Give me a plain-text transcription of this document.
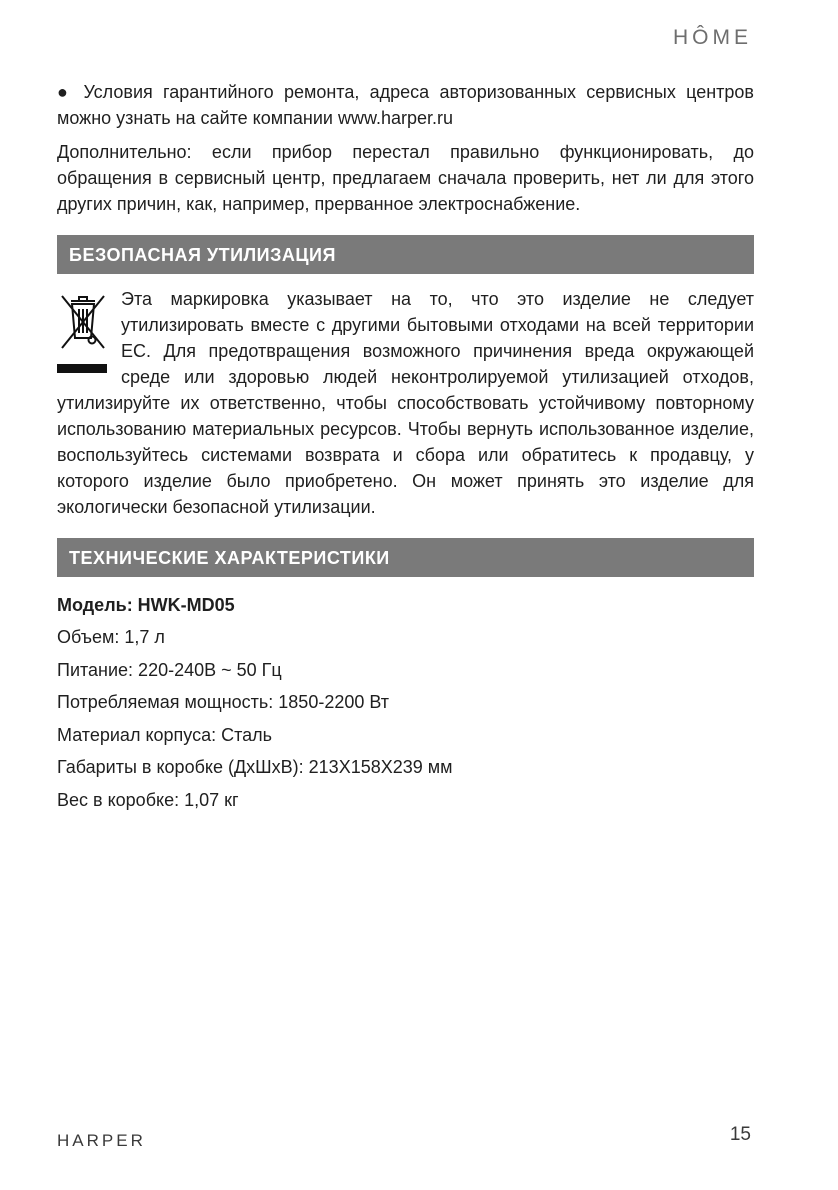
HÔME

● Условия гарантийного ремонта, адреса авторизованных сервисных центров можно узнать на сайте компании www.harper.ru

Дополнительно: если прибор перестал правильно функционировать, до обращения в сервисный центр, предлагаем сначала проверить, нет ли для этого других причин, как, например, прерванное электроснабжение.

БЕЗОПАСНАЯ УТИЛИЗАЦИЯ

Эта маркировка указывает на то, что это изделие не следует утилизировать вместе с другими бытовыми отходами на всей территории ЕС. Для предотвращения возможного причинения вреда окружающей среде или здоровью людей неконтролируемой утилизацией отходов, утилизируйте их ответственно, чтобы способствовать устойчивому повторному использованию материальных ресурсов. Чтобы вернуть использованное изделие, воспользуйтесь системами возврата и сбора или обратитесь к продавцу, у которого изделие было приобретено. Он может принять это изделие для экологически безопасной утилизации.

ТЕХНИЧЕСКИЕ ХАРАКТЕРИСТИКИ

Модель: HWK-MD05

Объем: 1,7 л

Питание: 220-240В ~ 50 Гц

Потребляемая мощность: 1850-2200 Вт

Материал корпуса: Сталь

Габариты в коробке (ДхШхВ): 213Х158Х239 мм

Вес в коробке: 1,07 кг

HARPER	15
